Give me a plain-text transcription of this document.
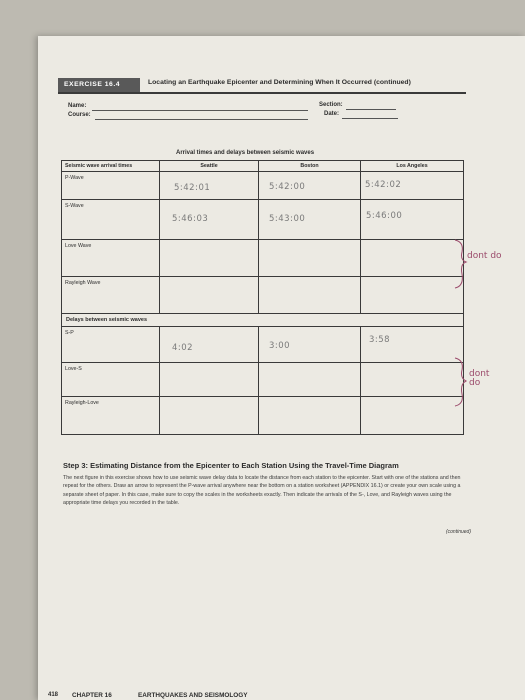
EXERCISE 16.4	Locating an Earthquake Epicenter and Determining When It Occurred (continued)
Name:
Course:
Section:
Date:
Arrival times and delays between seismic waves
Seismic wave arrival times	Seattle	Boston	Los Angeles

P-Wave	5:42:01	5:42:00	5:42:02

S-Wave	5:46:03	5:43:00	5:46:00

Love Wave			

Rayleigh Wave			

Delays between seismic waves			

S-P	4:02	3:00	3:58

Love-S			

Rayleigh-Love			

dont do
dont do
Step 3: Estimating Distance from the Epicenter to Each Station Using the Travel-Time Diagram
The next figure in this exercise shows how to use seismic wave delay data to locate the distance from each station to the epicenter. Start with one of the stations and then repeat for the others. Draw an arrow to represent the P-wave arrival anywhere near the bottom on a station worksheet (APPENDIX 16.1) or create your own scale using a separate sheet of paper. In this case, make sure to copy the scales in the worksheets exactly. Then indicate the arrivals of the S-, Love, and Rayleigh waves using the appropriate time delays you recorded in the table.
(continued)
418 CHAPTER 16	EARTHQUAKES AND SEISMOLOGY
